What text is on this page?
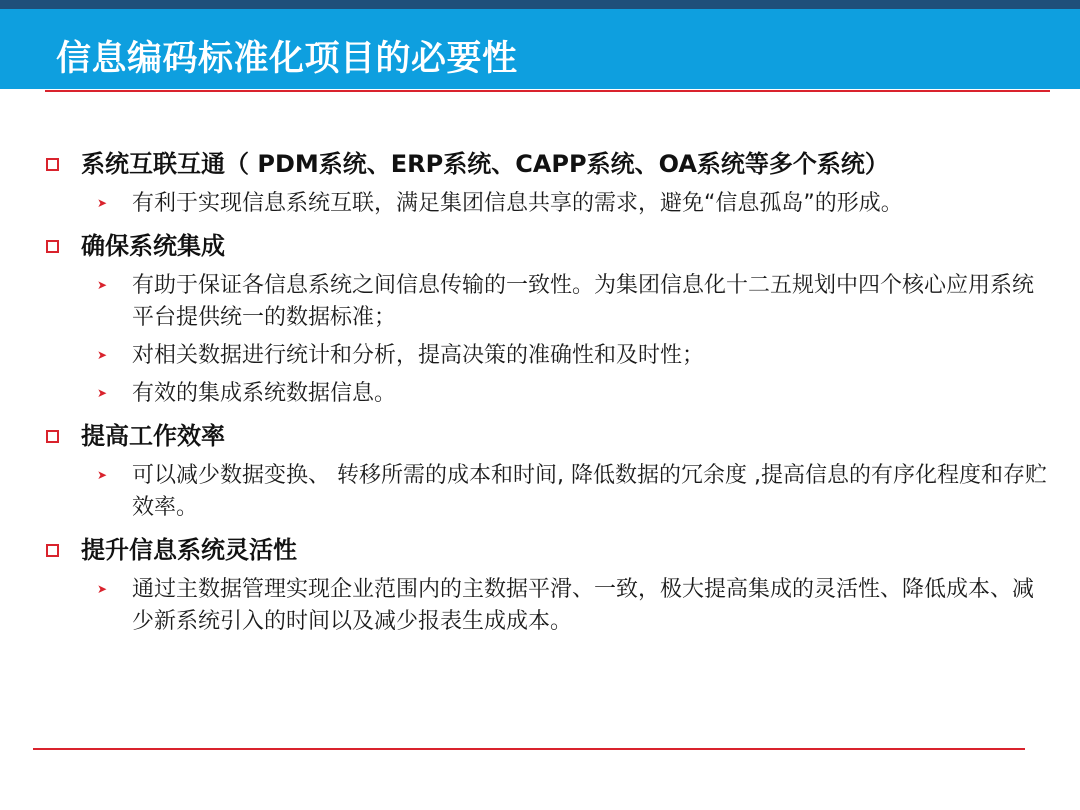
信息编码标准化项目的必要性
系统互联互通（ PDM系统、ERP系统、CAPP系统、OA系统等多个系统）
➤ 有利于实现信息系统互联，满足集团信息共享的需求，避免“信息孤岛”的形成。
确保系统集成
➤ 有助于保证各信息系统之间信息传输的一致性。为集团信息化十二五规划中四个核心应用系统平台提供统一的数据标准；
➤ 对相关数据进行统计和分析，提高决策的准确性和及时性；
➤ 有效的集成系统数据信息。
提高工作效率
➤ 可以减少数据变换、 转移所需的成本和时间, 降低数据的冗余度 ,提高信息的有序化程度和存贮效率。
提升信息系统灵活性
➤ 通过主数据管理实现企业范围内的主数据平滑、一致，极大提高集成的灵活性、降低成本、减少新系统引入的时间以及减少报表生成成本。
